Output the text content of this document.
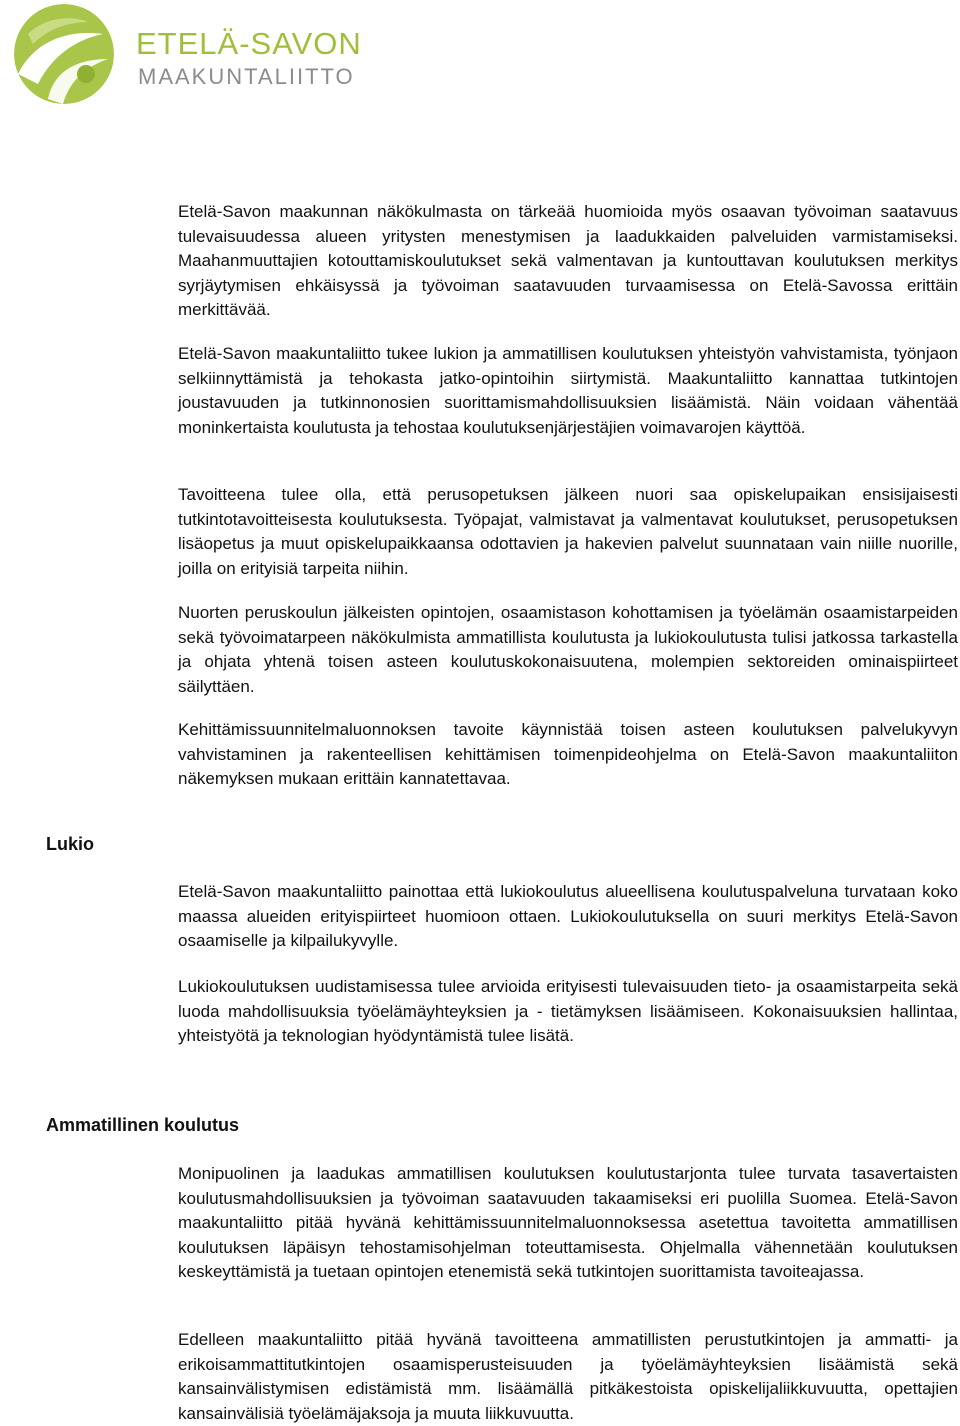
ETELÄ-SAVON
MAAKUNTALIITTO

Etelä-Savon maakunnan näkökulmasta on tärkeää huomioida myös osaavan työvoiman saatavuus tulevaisuudessa alueen yritysten menestymisen ja laadukkaiden palveluiden varmistamiseksi. Maahanmuuttajien kotouttamiskoulutukset sekä valmentavan ja kuntouttavan koulutuksen merkitys syrjäytymisen ehkäisyssä ja työvoiman saatavuuden turvaamisessa on Etelä-Savossa erittäin merkittävää.

Etelä-Savon maakuntaliitto tukee lukion ja ammatillisen koulutuksen yhteistyön vahvistamista, työnjaon selkiinnyttämistä ja tehokasta jatko-opintoihin siirtymistä. Maakuntaliitto kannattaa tutkintojen joustavuuden ja tutkinnonosien suorittamismahdollisuuksien lisäämistä. Näin voidaan vähentää moninkertaista koulutusta ja tehostaa koulutuksenjärjestäjien voimavarojen käyttöä.

Tavoitteena tulee olla, että perusopetuksen jälkeen nuori saa opiskelupaikan ensisijaisesti tutkintotavoitteisesta koulutuksesta. Työpajat, valmistavat ja valmentavat koulutukset, perusopetuksen lisäopetus ja muut opiskelupaikkaansa odottavien ja hakevien palvelut suunnataan vain niille nuorille, joilla on erityisiä tarpeita niihin.

Nuorten peruskoulun jälkeisten opintojen, osaamistason kohottamisen ja työelämän osaamistarpeiden sekä työvoimatarpeen näkökulmista ammatillista koulutusta ja lukiokoulutusta tulisi jatkossa tarkastella ja ohjata yhtenä toisen asteen koulutuskokonaisuutena, molempien sektoreiden ominaispiirteet säilyttäen.

Kehittämissuunnitelmaluonnoksen tavoite käynnistää toisen asteen koulutuksen palvelukyvyn vahvistaminen ja rakenteellisen kehittämisen toimenpideohjelma on Etelä-Savon maakuntaliiton näkemyksen mukaan erittäin kannatettavaa.

Lukio

Etelä-Savon maakuntaliitto painottaa että lukiokoulutus alueellisena koulutuspalveluna turvataan koko maassa alueiden erityispiirteet huomioon ottaen. Lukiokoulutuksella on suuri merkitys Etelä-Savon osaamiselle ja kilpailukyvylle.

Lukiokoulutuksen uudistamisessa tulee arvioida erityisesti tulevaisuuden tieto- ja osaamistarpeita sekä luoda mahdollisuuksia työelämäyhteyksien ja - tietämyksen lisäämiseen. Kokonaisuuksien hallintaa, yhteistyötä ja teknologian hyödyntämistä tulee lisätä.

Ammatillinen koulutus

Monipuolinen ja laadukas ammatillisen koulutuksen koulutustarjonta tulee turvata tasavertaisten koulutusmahdollisuuksien ja työvoiman saatavuuden takaamiseksi eri puolilla Suomea. Etelä-Savon maakuntaliitto pitää hyvänä kehittämissuunnitelmaluonnoksessa asetettua tavoitetta ammatillisen koulutuksen läpäisyn tehostamisohjelman toteuttamisesta. Ohjelmalla vähennetään koulutuksen keskeyttämistä ja tuetaan opintojen etenemistä sekä tutkintojen suorittamista tavoiteajassa.

Edelleen maakuntaliitto pitää hyvänä tavoitteena ammatillisten perustutkintojen ja ammatti- ja erikoisammattitutkintojen osaamisperusteisuuden ja työelämäyhteyksien lisäämistä sekä kansainvälistymisen edistämistä mm. lisäämällä pitkäkestoista opiskelijaliikkuvuutta, opettajien kansainvälisiä työelämäjaksoja ja muuta liikkuvuutta.
